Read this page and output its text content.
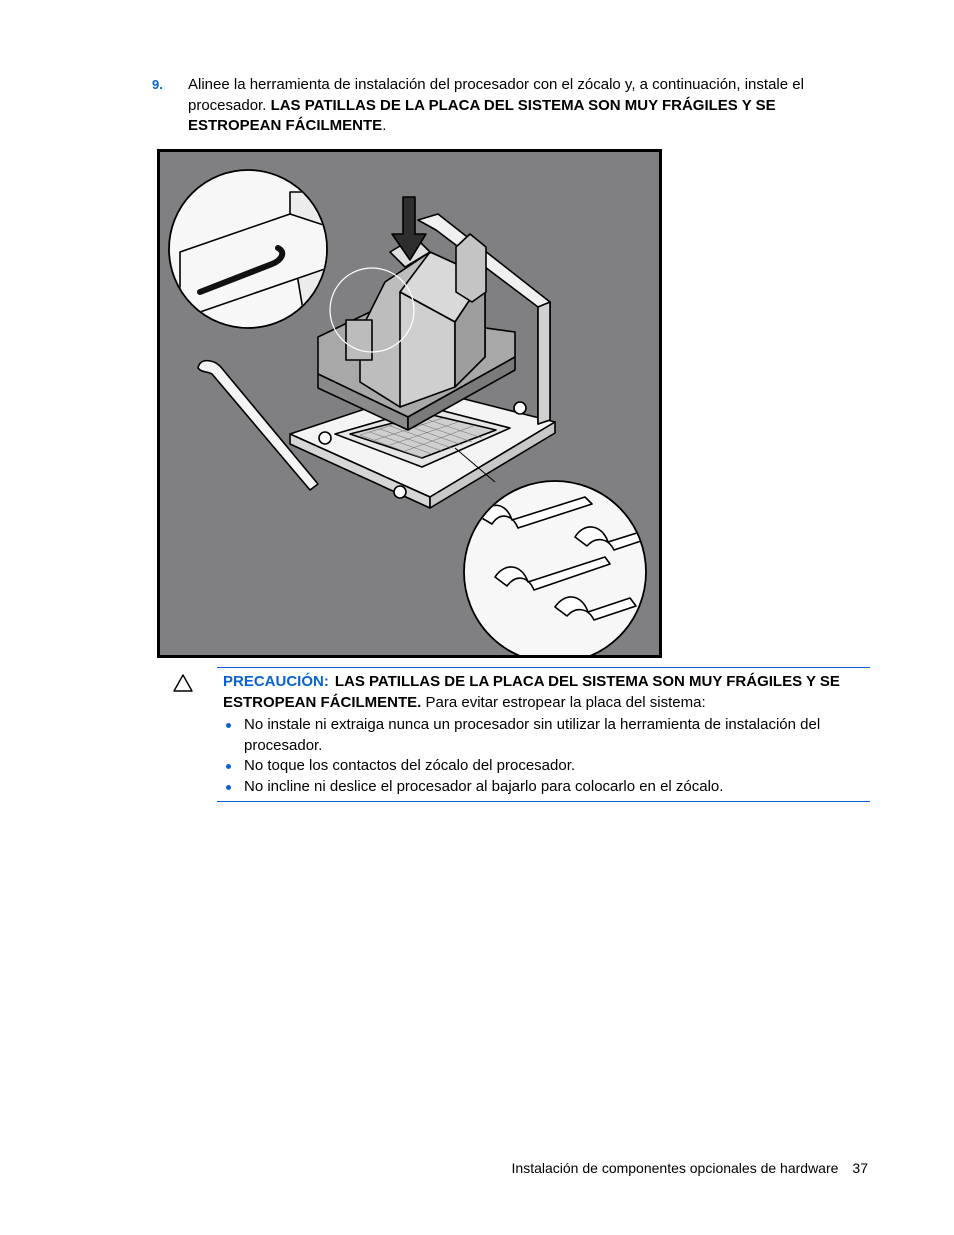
9. Alinee la herramienta de instalación del procesador con el zócalo y, a continuación, instale el procesador. LAS PATILLAS DE LA PLACA DEL SISTEMA SON MUY FRÁGILES Y SE ESTROPEAN FÁCILMENTE.
PRECAUCIÓN: LAS PATILLAS DE LA PLACA DEL SISTEMA SON MUY FRÁGILES Y SE ESTROPEAN FÁCILMENTE. Para evitar estropear la placa del sistema:
No instale ni extraiga nunca un procesador sin utilizar la herramienta de instalación del procesador.
No toque los contactos del zócalo del procesador.
No incline ni deslice el procesador al bajarlo para colocarlo en el zócalo.
Instalación de componentes opcionales de hardware 37
